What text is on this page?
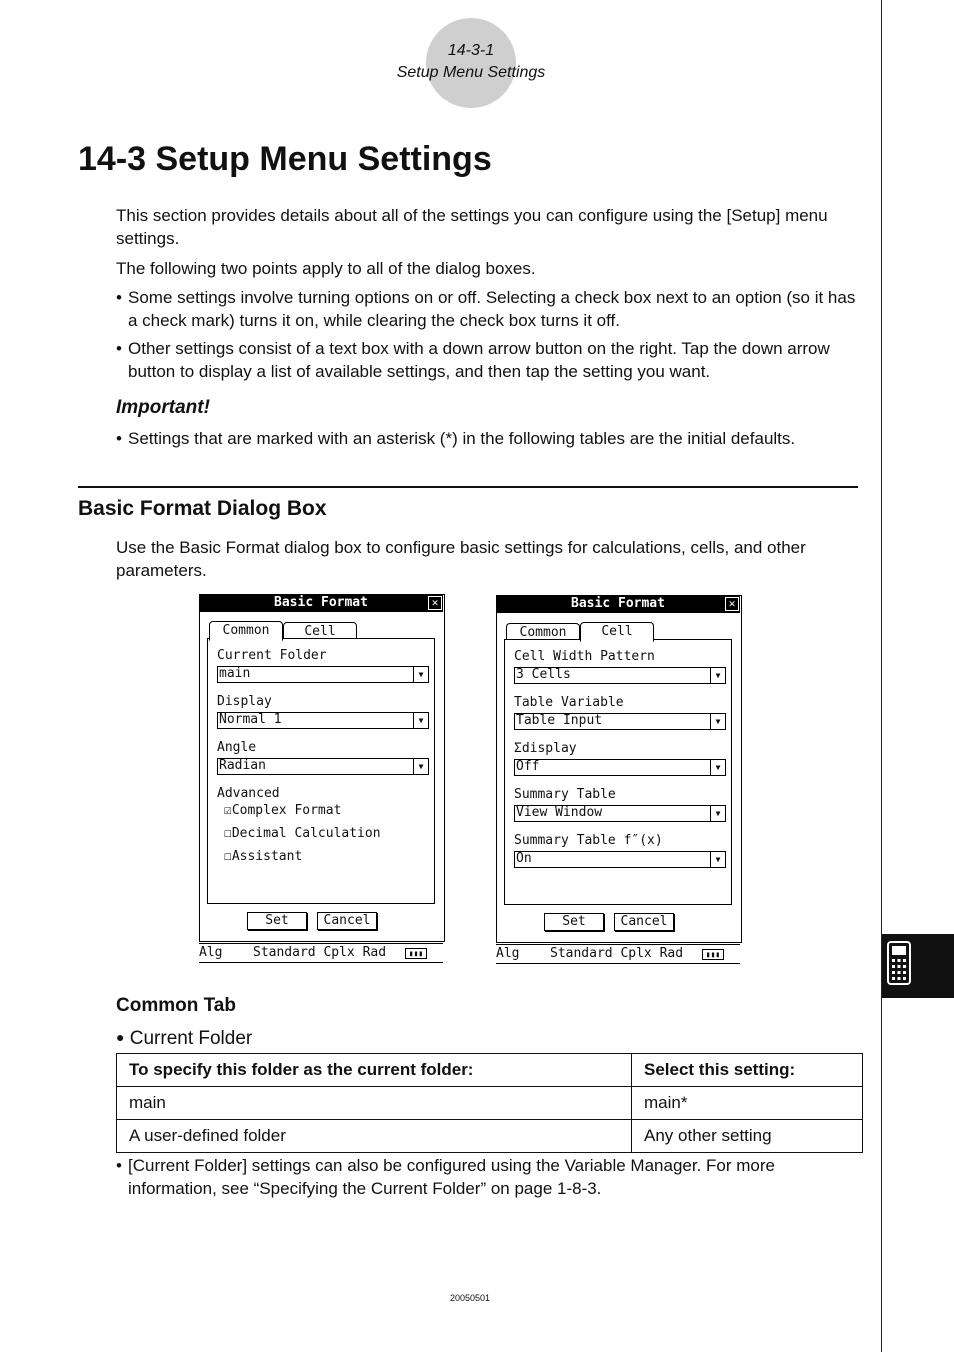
14-3-1
Setup Menu Settings
14-3 Setup Menu Settings

This section provides details about all of the settings you can configure using the [Setup] menu settings.

The following two points apply to all of the dialog boxes.

• Some settings involve turning options on or off. Selecting a check box next to an option (so it has a check mark) turns it on, while clearing the check box turns it off.
• Other settings consist of a text box with a down arrow button on the right. Tap the down arrow button to display a list of available settings, and then tap the setting you want.
Important!
• Settings that are marked with an asterisk (*) in the following tables are the initial defaults.
Basic Format Dialog Box

Use the Basic Format dialog box to configure basic settings for calculations, cells, and other parameters.

Basic Format	✕
Common	Cell
Current Folder
main	▼
Display
Normal 1	▼
Angle
Radian	▼
Advanced
☑Complex Format
☐Decimal Calculation
☐Assistant
Set	Cancel
Alg Standard Cplx Rad	▮▮▮
Basic Format	✕
Common	Cell
Cell Width Pattern
3 Cells	▼
Table Variable
Table Input	▼
Σdisplay
Off	▼
Summary Table
View Window	▼
Summary Table f″(x)
On	▼
Set	Cancel
Alg Standard Cplx Rad	▮▮▮
Common Tab
● Current Folder
To specify this folder as the current folder:	Select this setting:
main	main*
A user-defined folder	Any other setting
• [Current Folder] settings can also be configured using the Variable Manager. For more information, see “Specifying the Current Folder” on page 1-8-3.
20050501
